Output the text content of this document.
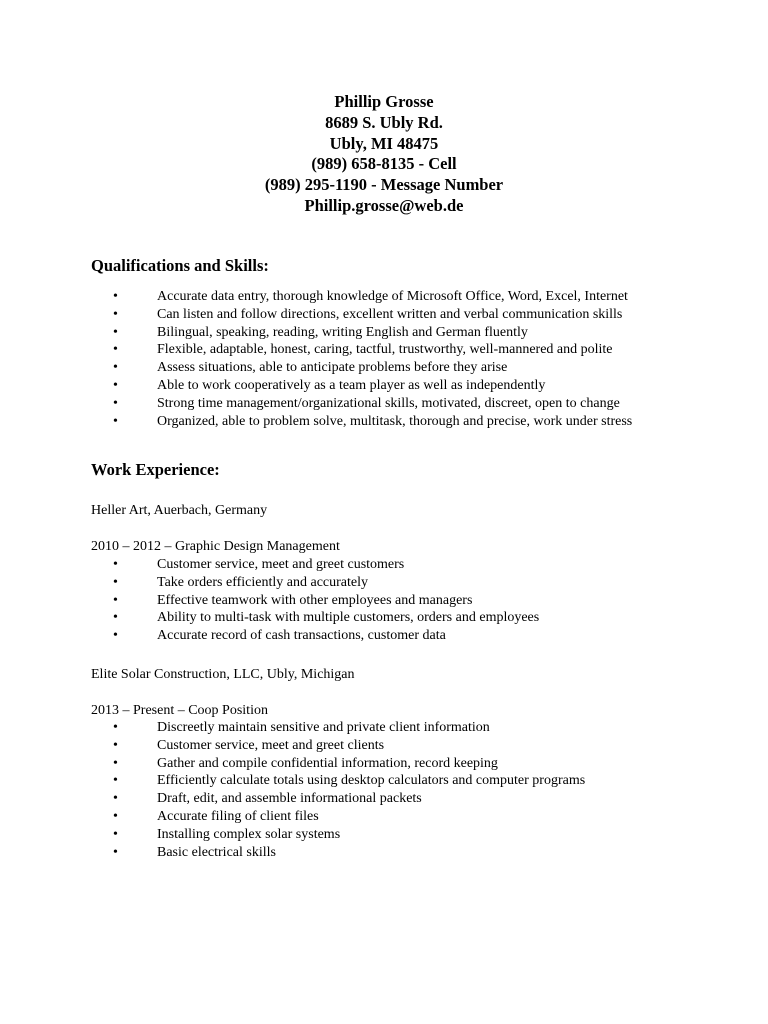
Phillip Grosse
8689 S. Ubly Rd.
Ubly, MI 48475
(989) 658-8135 - Cell
(989) 295-1190 - Message Number
Phillip.grosse@web.de
Qualifications and Skills:
•	Accurate data entry, thorough knowledge of Microsoft Office, Word, Excel, Internet
•	Can listen and follow directions, excellent written and verbal communication skills
•	Bilingual, speaking, reading, writing English and German fluently
•	Flexible, adaptable, honest, caring, tactful, trustworthy, well-mannered and polite
•	Assess situations, able to anticipate problems before they arise
•	Able to work cooperatively as a team player as well as independently
•	Strong time management/organizational skills, motivated, discreet, open to change
•	Organized, able to problem solve, multitask, thorough and precise, work under stress
Work Experience:
Heller Art, Auerbach, Germany
2010 – 2012 – Graphic Design Management
•	Customer service, meet and greet customers
•	Take orders efficiently and accurately
•	Effective teamwork with other employees and managers
•	Ability to multi-task with multiple customers, orders and employees
•	Accurate record of cash transactions, customer data
Elite Solar Construction, LLC, Ubly, Michigan
2013 – Present – Coop Position
•	Discreetly maintain sensitive and private client information
•	Customer service, meet and greet clients
•	Gather and compile confidential information, record keeping
•	Efficiently calculate totals using desktop calculators and computer programs
•	Draft, edit, and assemble informational packets
•	Accurate filing of client files
•	Installing complex solar systems
•	Basic electrical skills
